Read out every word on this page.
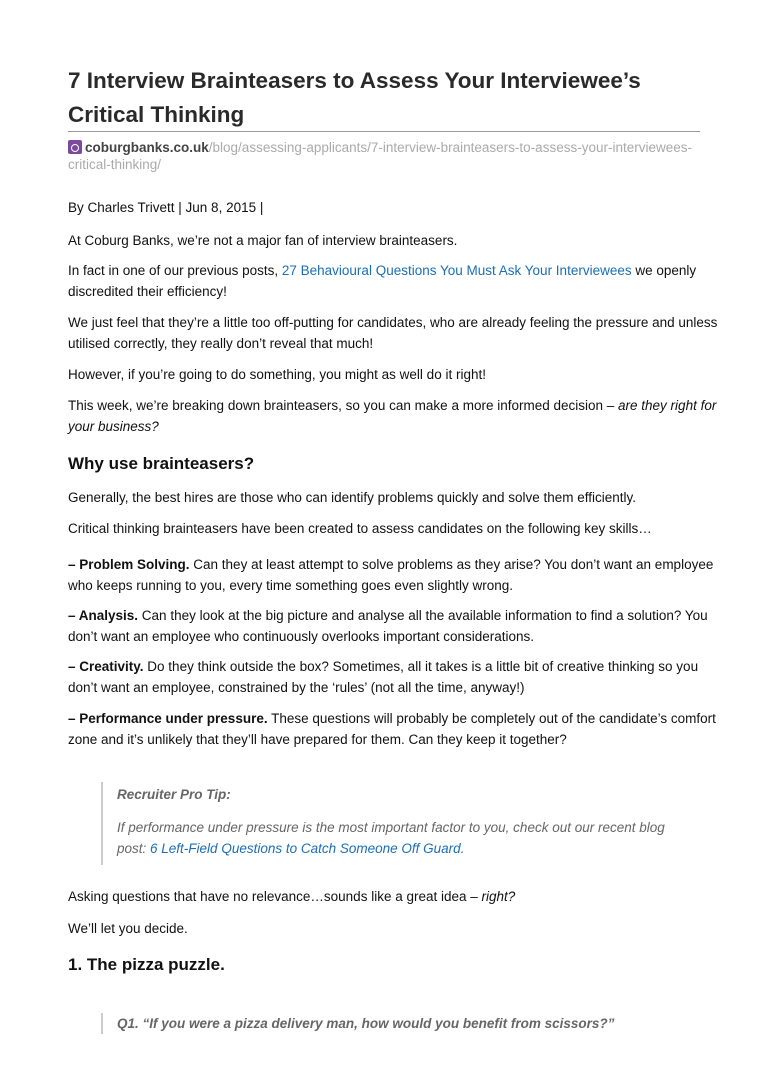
7 Interview Brainteasers to Assess Your Interviewee’s Critical Thinking
coburgbanks.co.uk/blog/assessing-applicants/7-interview-brainteasers-to-assess-your-interviewees-critical-thinking/
By Charles Trivett | Jun 8, 2015 |
At Coburg Banks, we’re not a major fan of interview brainteasers.
In fact in one of our previous posts, 27 Behavioural Questions You Must Ask Your Interviewees we openly discredited their efficiency!
We just feel that they’re a little too off-putting for candidates, who are already feeling the pressure and unless utilised correctly, they really don’t reveal that much!
However, if you’re going to do something, you might as well do it right!
This week, we’re breaking down brainteasers, so you can make a more informed decision – are they right for your business?
Why use brainteasers?
Generally, the best hires are those who can identify problems quickly and solve them efficiently.
Critical thinking brainteasers have been created to assess candidates on the following key skills…
– Problem Solving. Can they at least attempt to solve problems as they arise? You don’t want an employee who keeps running to you, every time something goes even slightly wrong.
– Analysis. Can they look at the big picture and analyse all the available information to find a solution? You don’t want an employee who continuously overlooks important considerations.
– Creativity. Do they think outside the box? Sometimes, all it takes is a little bit of creative thinking so you don’t want an employee, constrained by the ‘rules’ (not all the time, anyway!)
– Performance under pressure. These questions will probably be completely out of the candidate’s comfort zone and it’s unlikely that they’ll have prepared for them. Can they keep it together?
Recruiter Pro Tip:
If performance under pressure is the most important factor to you, check out our recent blog post: 6 Left-Field Questions to Catch Someone Off Guard.
Asking questions that have no relevance…sounds like a great idea – right?
We’ll let you decide.
1. The pizza puzzle.
Q1. “If you were a pizza delivery man, how would you benefit from scissors?”
